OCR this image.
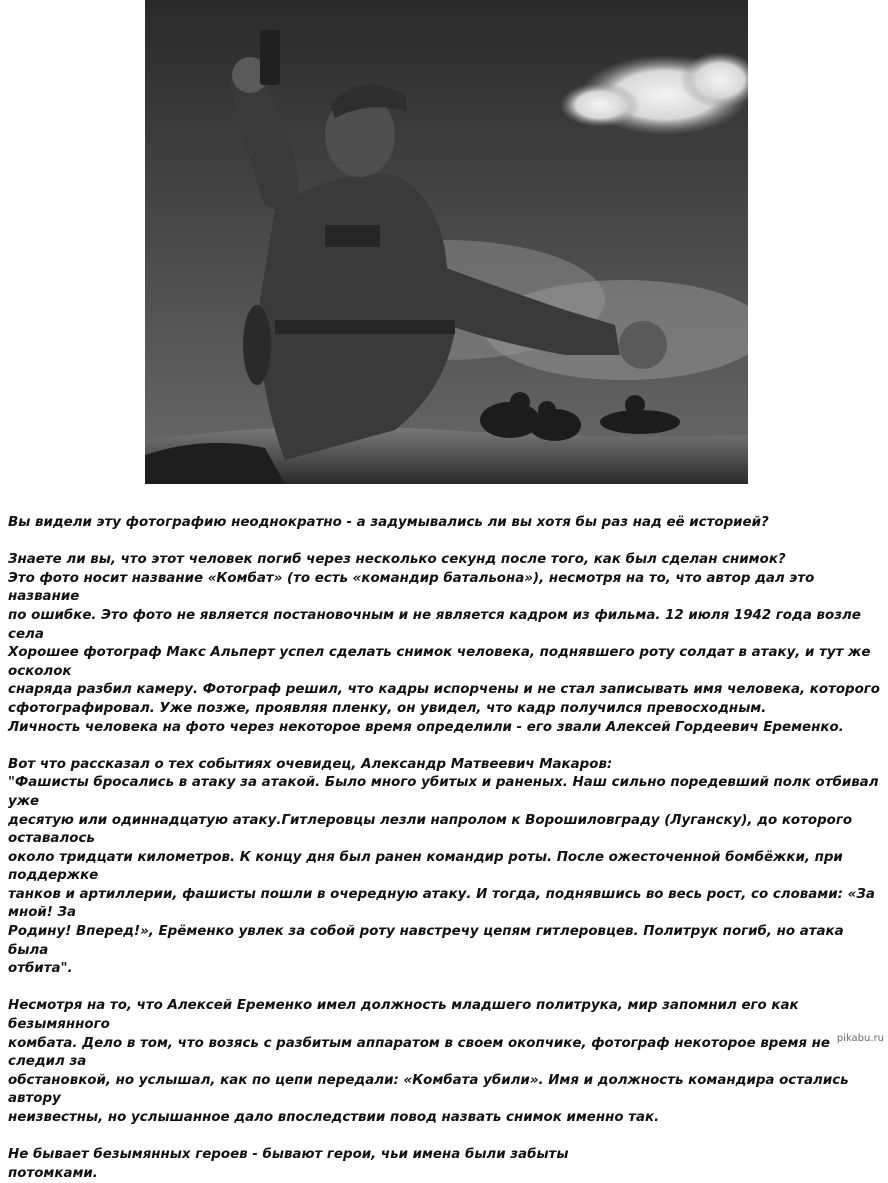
Вы видели эту фотографию неоднократно - а задумывались ли вы хотя бы раз над её историей?

Знаете ли вы, что этот человек погиб через несколько секунд после того, как был сделан снимок?

Это фото носит название «Комбат» (то есть «командир батальона»), несмотря на то, что автор дал это название

по ошибке. Это фото не является постановочным и не является кадром из фильма. 12 июля 1942 года возле села

Хорошее фотограф Макс Альперт успел сделать снимок человека, поднявшего роту солдат в атаку, и тут же осколок

снаряда разбил камеру. Фотограф решил, что кадры испорчены и не стал записывать имя человека, которого

сфотографировал. Уже позже, проявляя пленку, он увидел, что кадр получился превосходным.

Личность человека на фото через некоторое время определили - его звали Алексей Гордеевич Еременко.

Вот что рассказал о тех событиях очевидец, Александр Матвеевич Макаров:

"Фашисты бросались в атаку за атакой. Было много убитых и раненых. Наш сильно поредевший полк отбивал уже

десятую или одиннадцатую атаку.Гитлеровцы лезли напролом к Ворошиловграду (Луганску), до которого оставалось

около тридцати километров. К концу дня был ранен командир роты. После ожесточенной бомбёжки, при поддержке

танков и артиллерии, фашисты пошли в очередную атаку. И тогда, поднявшись во весь рост, со словами: «За мной! За

Родину! Вперед!», Ерёменко увлек за собой роту навстречу цепям гитлеровцев. Политрук погиб, но атака была

отбита".

Несмотря на то, что Алексей Еременко имел должность младшего политрука, мир запомнил его как безымянного

комбата. Дело в том, что возясь с разбитым аппаратом в своем окопчике, фотограф некоторое время не следил за

обстановкой, но услышал, как по цепи передали: «Комбата убили». Имя и должность командира остались автору

неизвестны, но услышанное дало впоследствии повод назвать снимок именно так.

Не бывает безымянных героев - бывают герои, чьи имена были забыты

потомками.

pikabu.ru
